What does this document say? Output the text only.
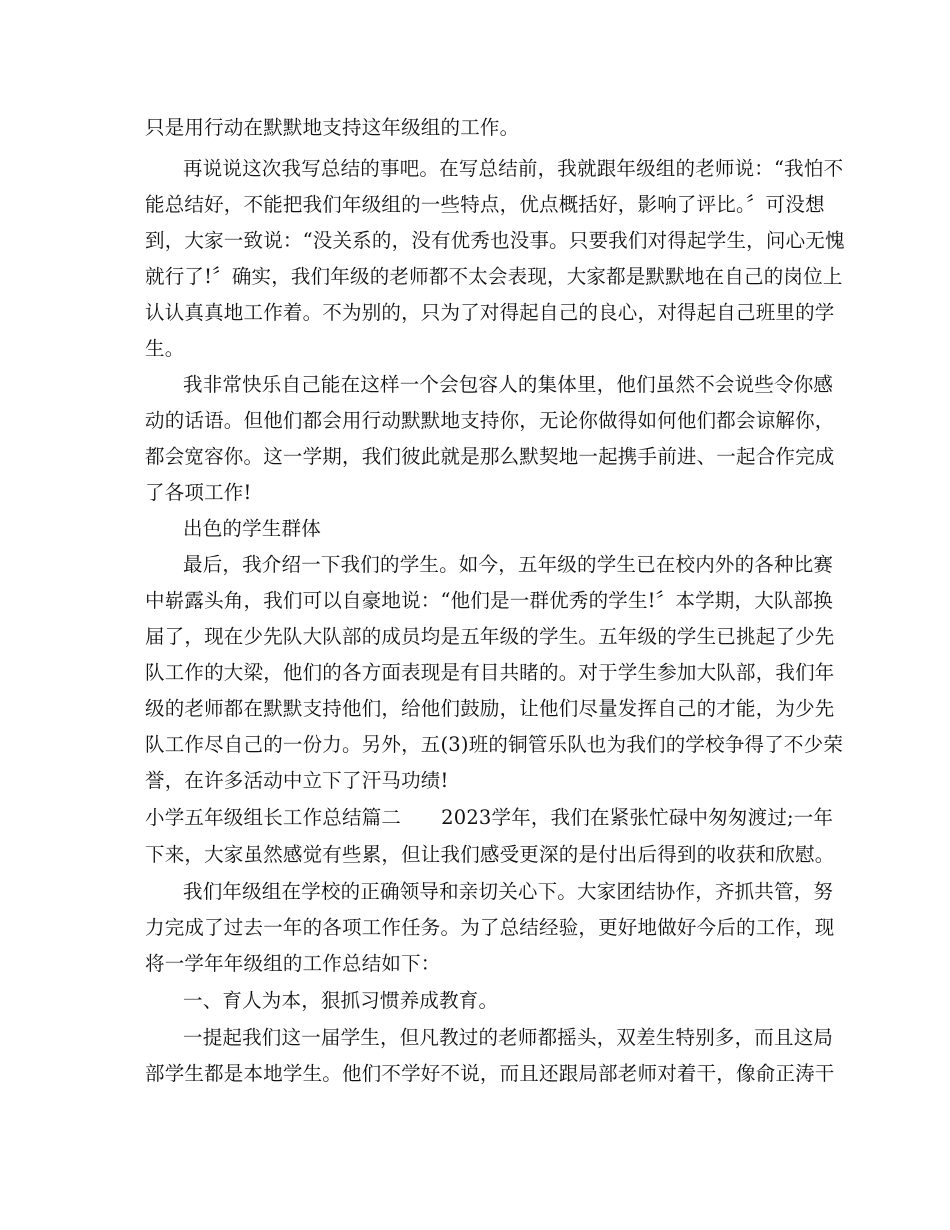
只是用行动在默默地支持这年级组的工作。
再说说这次我写总结的事吧。在写总结前，我就跟年级组的老师说：“我怕不
能总结好，不能把我们年级组的一些特点，优点概括好，影响了评比。〞可没想
到，大家一致说：“没关系的，没有优秀也没事。只要我们对得起学生，问心无愧
就行了!〞确实，我们年级的老师都不太会表现，大家都是默默地在自己的岗位上
认认真真地工作着。不为别的，只为了对得起自己的良心，对得起自己班里的学
生。
我非常快乐自己能在这样一个会包容人的集体里，他们虽然不会说些令你感
动的话语。但他们都会用行动默默地支持你，无论你做得如何他们都会谅解你，
都会宽容你。这一学期，我们彼此就是那么默契地一起携手前进、一起合作完成
了各项工作!
出色的学生群体
最后，我介绍一下我们的学生。如今，五年级的学生已在校内外的各种比赛
中崭露头角，我们可以自豪地说：“他们是一群优秀的学生!〞本学期，大队部换
届了，现在少先队大队部的成员均是五年级的学生。五年级的学生已挑起了少先
队工作的大梁，他们的各方面表现是有目共睹的。对于学生参加大队部，我们年
级的老师都在默默支持他们，给他们鼓励，让他们尽量发挥自己的才能，为少先
队工作尽自己的一份力。另外，五(3)班的铜管乐队也为我们的学校争得了不少荣
誉，在许多活动中立下了汗马功绩!
小学五年级组长工作总结篇二 2023学年，我们在紧张忙碌中匆匆渡过;一年
下来，大家虽然感觉有些累，但让我们感受更深的是付出后得到的收获和欣慰。
我们年级组在学校的正确领导和亲切关心下。大家团结协作，齐抓共管，努
力完成了过去一年的各项工作任务。为了总结经验，更好地做好今后的工作，现
将一学年年级组的工作总结如下：
一、育人为本，狠抓习惯养成教育。
一提起我们这一届学生，但凡教过的老师都摇头，双差生特别多，而且这局
部学生都是本地学生。他们不学好不说，而且还跟局部老师对着干，像俞正涛干
